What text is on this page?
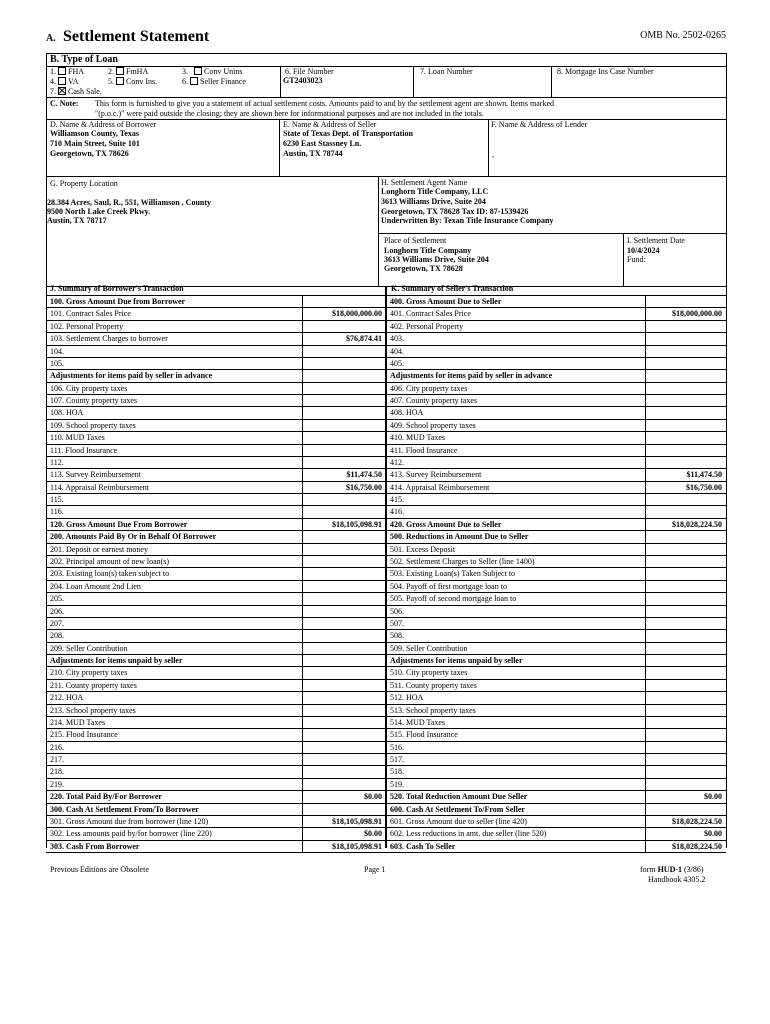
A. Settlement Statement	OMB No. 2502-0265
B. Type of Loan
1. FHA	2. FmHA	3. Conv Unins
4. VA	5. Conv Ins.	6. Seller Finance
7. Cash Sale.
6. File Number
GT2403023
7. Loan Number	8. Mortgage Ins Case Number
C. Note: This form is furnished to give you a statement of actual settlement costs. Amounts paid to and by the settlement agent are shown. Items marked
"(p.o.c.)" were paid outside the closing; they are shown here for informational purposes and are not included in the totals.
D. Name & Address of Borrower
Williamson County, Texas
710 Main Street, Suite 101
Georgetown, TX 78626
E. Name & Address of Seller
State of Texas Dept. of Transportation
6230 East Stassney Ln.
Austin, TX 78744
F. Name & Address of Lender
,
G. Property Location
28.384 Acres, Saul, R., 551, Williamson , County
9500 North Lake Creek Pkwy.
Austin, TX 78717
H. Settlement Agent Name
Longhorn Title Company, LLC
3613 Williams Drive, Suite 204
Georgetown, TX 78628 Tax ID: 87-1539426
Underwritten By: Texan Title Insurance Company
Place of Settlement
Longhorn Title Company
3613 Williams Drive, Suite 204
Georgetown, TX 78628
I. Settlement Date
10/4/2024
Fund:
J. Summary of Borrower's Transaction	K. Summary of Seller's Transaction
100. Gross Amount Due from Borrower
101. Contract Sales Price	$18,000,000.00
102. Personal Property
103. Settlement Charges to borrower	$76,874.41
104.
105.
Adjustments for items paid by seller in advance
106. City property taxes
107. County property taxes
108. HOA
109. School property taxes
110. MUD Taxes
111. Flood Insurance
112.
113. Survey Reimbursement	$11,474.50
114. Appraisal Reimbursement	$16,750.00
115.
116.
120. Gross Amount Due From Borrower	$18,105,098.91
200. Amounts Paid By Or in Behalf Of Borrower
201. Deposit or earnest money
202. Principal amount of new loan(s)
203. Existing loan(s) taken subject to
204. Loan Amount 2nd Lien
205.
206.
207.
208.
209. Seller Contribution
Adjustments for items unpaid by seller
210. City property taxes
211. County property taxes
212. HOA
213. School property taxes
214. MUD Taxes
215. Flood Insurance
216.
217.
218.
219.
220. Total Paid By/For Borrower	$0.00
300. Cash At Settlement From/To Borrower
301. Gross Amount due from borrower (line 120)	$18,105,098.91
302. Less amounts paid by/for borrower (line 220)	$0.00
303. Cash From Borrower	$18,105,098.91
400. Gross Amount Due to Seller
401. Contract Sales Price	$18,000,000.00
402. Personal Property
403.
404.
405.
Adjustments for items paid by seller in advance
406. City property taxes
407. County property taxes
408. HOA
409. School property taxes
410. MUD Taxes
411. Flood Insurance
412.
413. Survey Reimbursement	$11,474.50
414. Appraisal Reimbursement	$16,750.00
415.
416.
420. Gross Amount Due to Seller	$18,028,224.50
500. Reductions in Amount Due to Seller
501. Excess Deposit
502. Settlement Charges to Seller (line 1400)
503. Existing Loan(s) Taken Subject to
504. Payoff of first mortgage loan to
505. Payoff of second mortgage loan to
506.
507.
508.
509. Seller Contribution
Adjustments for items unpaid by seller
510. City property taxes
511. County property taxes
512. HOA
513. School property taxes
514. MUD Taxes
515. Flood Insurance
516.
517.
518.
519.
520. Total Reduction Amount Due Seller	$0.00
600. Cash At Settlement To/From Seller
601. Gross Amount due to seller (line 420)	$18,028,224.50
602. Less reductions in amt. due seller (line 520)	$0.00
603. Cash To Seller	$18,028,224.50
Previous Editions are Obsolete	Page 1	form HUD-1 (3/86)
Handbook 4305.2
